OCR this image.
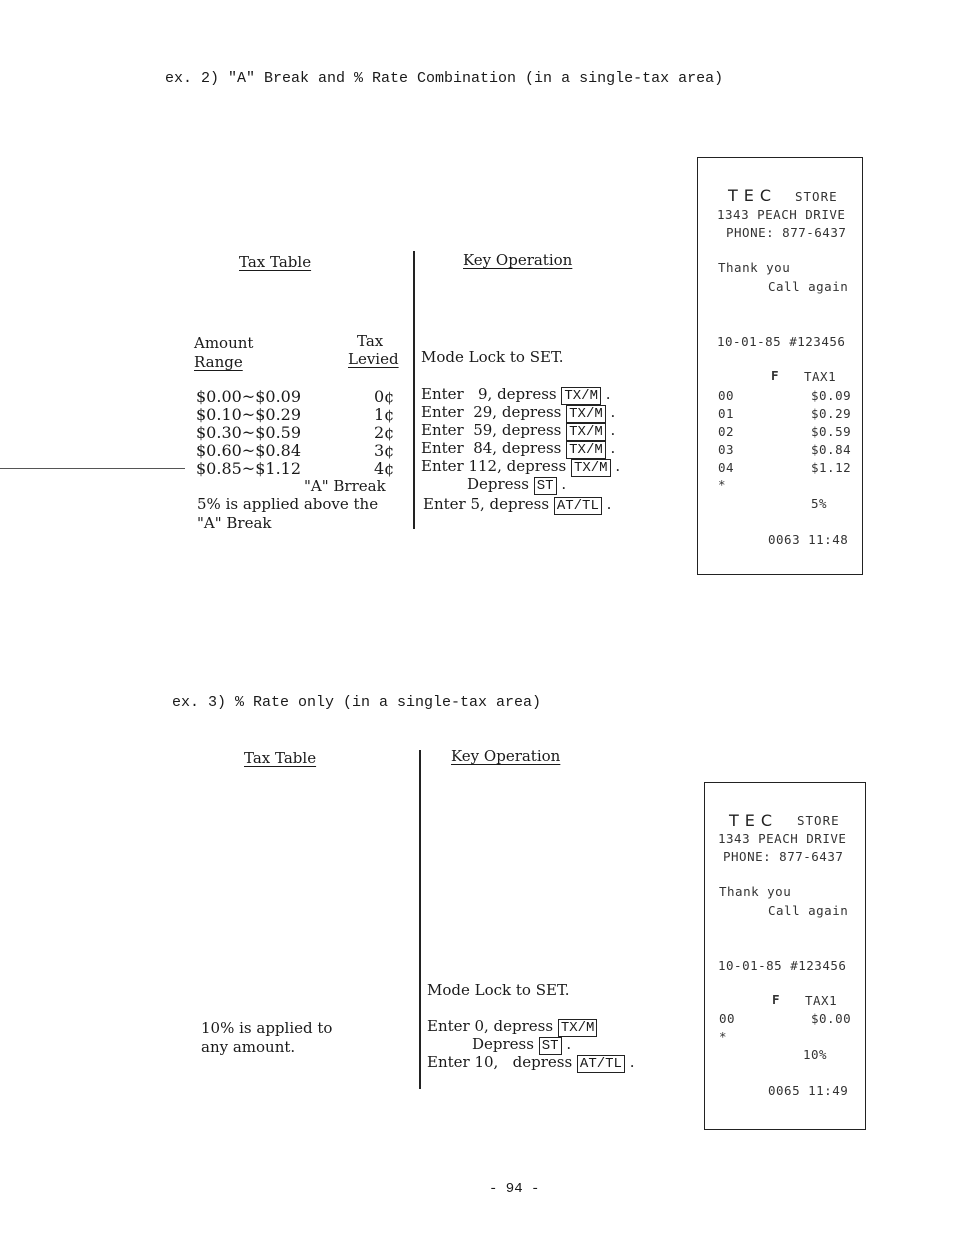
ex. 2) "A" Break and % Rate Combination (in a single-tax area)
Tax Table	Key Operation
Amount
Range
Tax
Levied Mode Lock to SET.
$0.00~$0.09	0¢ Enter   9, depress TX/M .
$0.10~$0.29	1¢ Enter  29, depress TX/M .
$0.30~$0.59	2¢ Enter  59, depress TX/M .
$0.60~$0.84	3¢ Enter  84, depress TX/M .
$0.85~$1.12	4¢ Enter 112, depress TX/M .
"A" Brreak	Depress ST .
5% is applied above the
"A" Break
Enter 5, depress AT/TL .
TEC STORE
1343 PEACH DRIVE
PHONE: 877-6437
Thank you
Call again
10-01-85 #123456
F TAX1
00	$0.09
01	$0.29
02	$0.59
03	$0.84
04	$1.12
*
5%
0063 11:48
ex. 3) % Rate only (in a single-tax area)
Tax Table	Key Operation
Mode Lock to SET.
10% is applied to
any amount.
Enter 0, depress TX/M
Depress ST .
Enter 10,   depress AT/TL .
TEC STORE
1343 PEACH DRIVE
PHONE: 877-6437
Thank you
Call again
10-01-85 #123456
F TAX1
00	$0.00
*
10%
0065 11:49
- 94 -
